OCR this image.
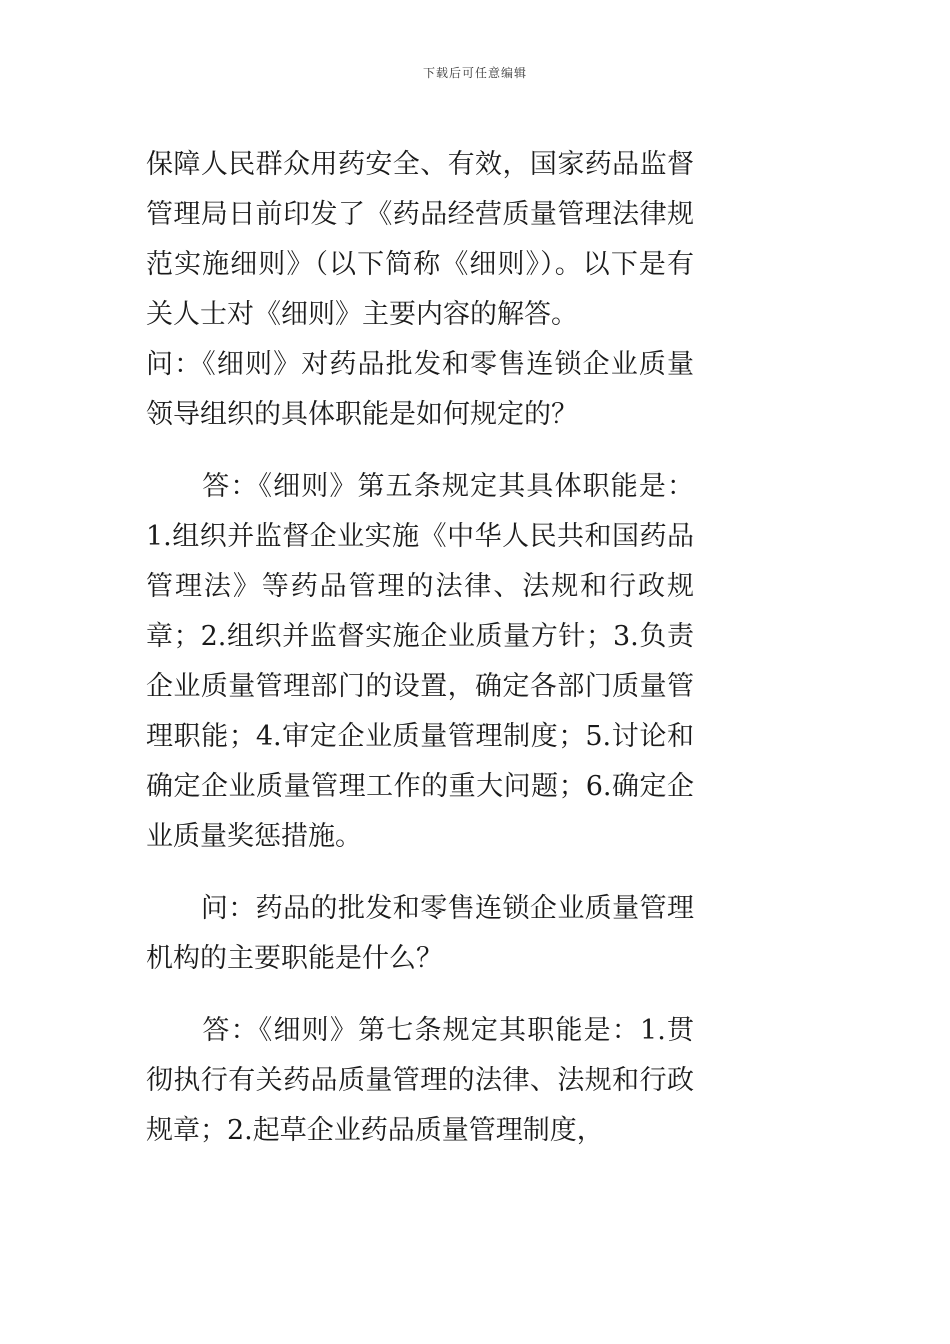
下载后可任意编辑

保障人民群众用药安全、有效，国家药品监督管理局日前印发了《药品经营质量管理法律规范实施细则》（以下简称《细则》）。以下是有关人士对《细则》主要内容的解答。

问：《细则》对药品批发和零售连锁企业质量领导组织的具体职能是如何规定的？

　　答：《细则》第五条规定其具体职能是：1.组织并监督企业实施《中华人民共和国药品管理法》等药品管理的法律、法规和行政规章；2.组织并监督实施企业质量方针；3.负责企业质量管理部门的设置，确定各部门质量管理职能；4.审定企业质量管理制度；5.讨论和确定企业质量管理工作的重大问题；6.确定企业质量奖惩措施。

　　问：药品的批发和零售连锁企业质量管理机构的主要职能是什么？

　　答：《细则》第七条规定其职能是：1.贯彻执行有关药品质量管理的法律、法规和行政规章；2.起草企业药品质量管理制度，
